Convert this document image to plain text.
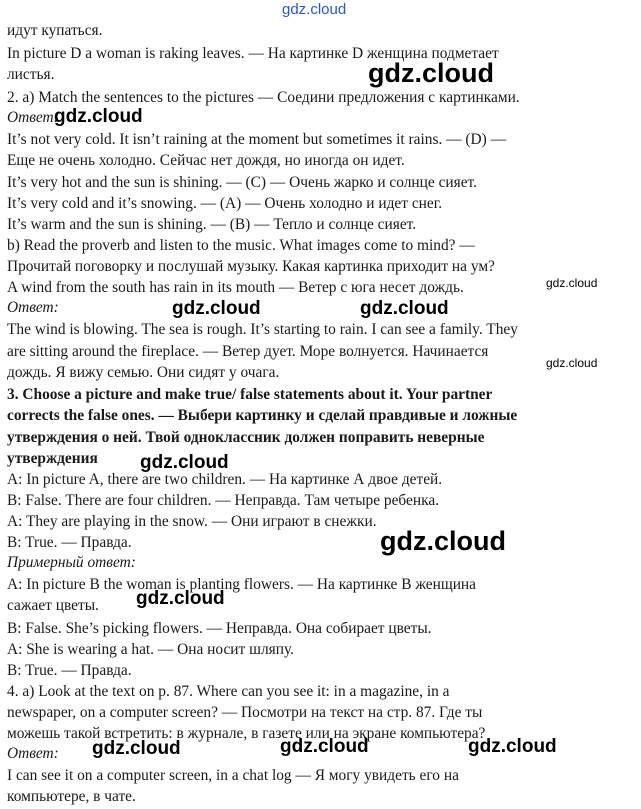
идут купаться.
In picture D a woman is raking leaves. — На картинке D женщина подметает
листья.
2. a) Match the sentences to the pictures — Соедини предложения с картинками.
Ответ:
It’s not very cold. It isn’t raining at the moment but sometimes it rains. — (D) —
Еще не очень холодно. Сейчас нет дождя, но иногда он идет.
It’s very hot and the sun is shining. — (C) — Очень жарко и солнце сияет.
It’s very cold and it’s snowing. — (A) — Очень холодно и идет снег.
It’s warm and the sun is shining. — (B) — Тепло и солнце сияет.
b) Read the proverb and listen to the music. What images come to mind? —
Прочитай поговорку и послушай музыку. Какая картинка приходит на ум?
A wind from the south has rain in its mouth — Ветер с юга несет дождь.
Ответ:
The wind is blowing. The sea is rough. It’s starting to rain. I can see a family. They
are sitting around the fireplace. — Ветер дует. Море волнуется. Начинается
дождь. Я вижу семью. Они сидят у очага.
3. Choose a picture and make true/ false statements about it. Your partner
corrects the false ones. — Выбери картинку и сделай правдивые и ложные
утверждения о ней. Твой одноклассник должен поправить неверные
утверждения
A: In picture A, there are two children. — На картинке А двое детей.
B: False. There are four children. — Неправда. Там четыре ребенка.
A: They are playing in the snow. — Они играют в снежки.
B: True. — Правда.
Примерный ответ:
A: In picture B the woman is planting flowers. — На картинке В женщина
сажает цветы.
B: False. She’s picking flowers. — Неправда. Она собирает цветы.
A: She is wearing a hat. — Она носит шляпу.
B: True. — Правда.
4. a) Look at the text on p. 87. Where can you see it: in a magazine, in a
newspaper, on a computer screen? — Посмотри на текст на стр. 87. Где ты
можешь такой встретить: в журнале, в газете или на экране компьютера?
Ответ:
I can see it on a computer screen, in a chat log — Я могу увидеть его на
компьютере, в чате.
gdz.cloud
gdz.cloud
gdz.cloud
gdz.cloud
gdz.cloud	gdz.cloud
gdz.cloud
gdz.cloud
gdz.cloud
gdz.cloud
gdz.cloud	gdz.cloud	gdz.cloud
